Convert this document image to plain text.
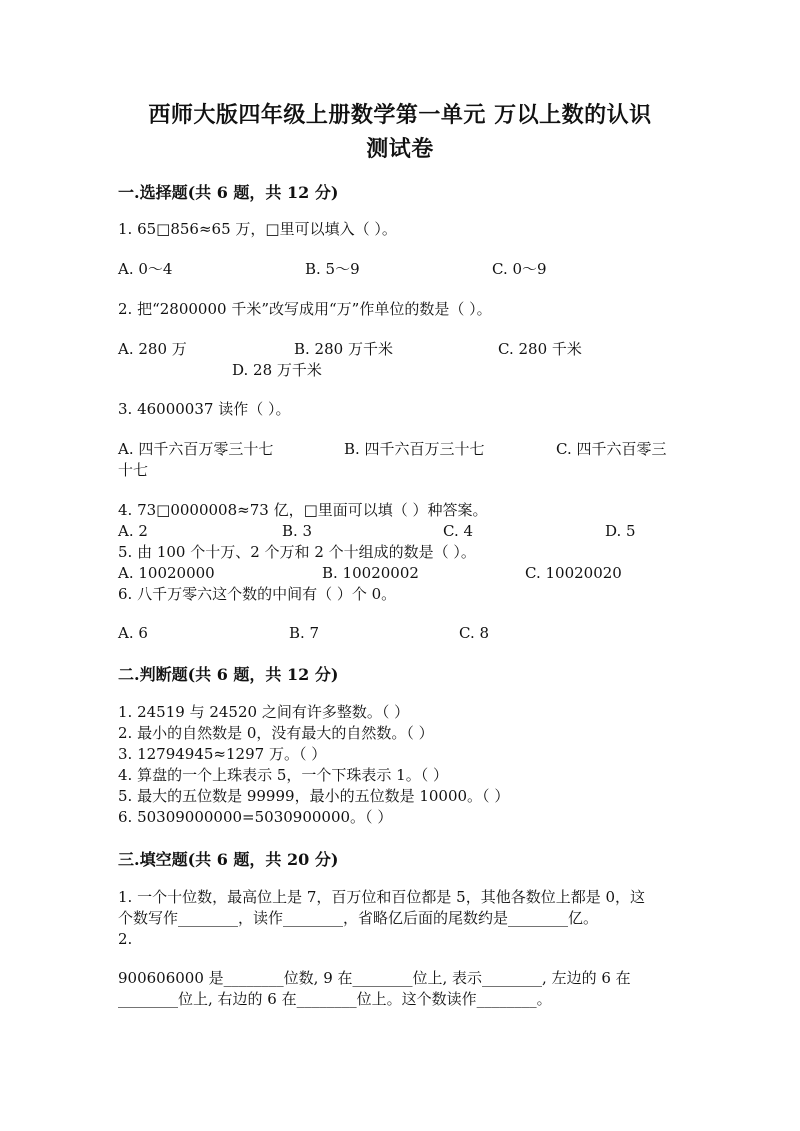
西师大版四年级上册数学第一单元 万以上数的认识
测试卷
一.选择题(共 6 题，共 12 分)
1. 65□856≈65 万，□里可以填入（ ）。
A. 0～4	B. 5～9	C. 0～9
2. 把“2800000 千米”改写成用“万”作单位的数是（ ）。
A. 280 万	B. 280 万千米	C. 280 千米
D. 28 万千米
3. 46000037 读作（ ）。
A. 四千六百万零三十七	B. 四千六百万三十七	C. 四千六百零三
十七
4. 73□0000008≈73 亿，□里面可以填（ ）种答案。
A. 2	B. 3	C. 4	D. 5
5. 由 100 个十万、2 个万和 2 个十组成的数是（ ）。
A. 10020000	B. 10020002	C. 10020020
6. 八千万零六这个数的中间有（ ）个 0。
A. 6	B. 7	C. 8
二.判断题(共 6 题，共 12 分)
1. 24519 与 24520 之间有许多整数。（ ）
2. 最小的自然数是 0，没有最大的自然数。（ ）
3. 12794945≈1297 万。（ ）
4. 算盘的一个上珠表示 5，一个下珠表示 1。（ ）
5. 最大的五位数是 99999，最小的五位数是 10000。（ ）
6. 50309000000=5030900000。（ ）
三.填空题(共 6 题，共 20 分)
1. 一个十位数，最高位上是 7，百万位和百位都是 5，其他各数位上都是 0，这
个数写作________，读作________，省略亿后面的尾数约是________亿。
2.
900606000 是________位数, 9 在________位上, 表示________, 左边的 6 在
________位上, 右边的 6 在________位上。这个数读作________。
